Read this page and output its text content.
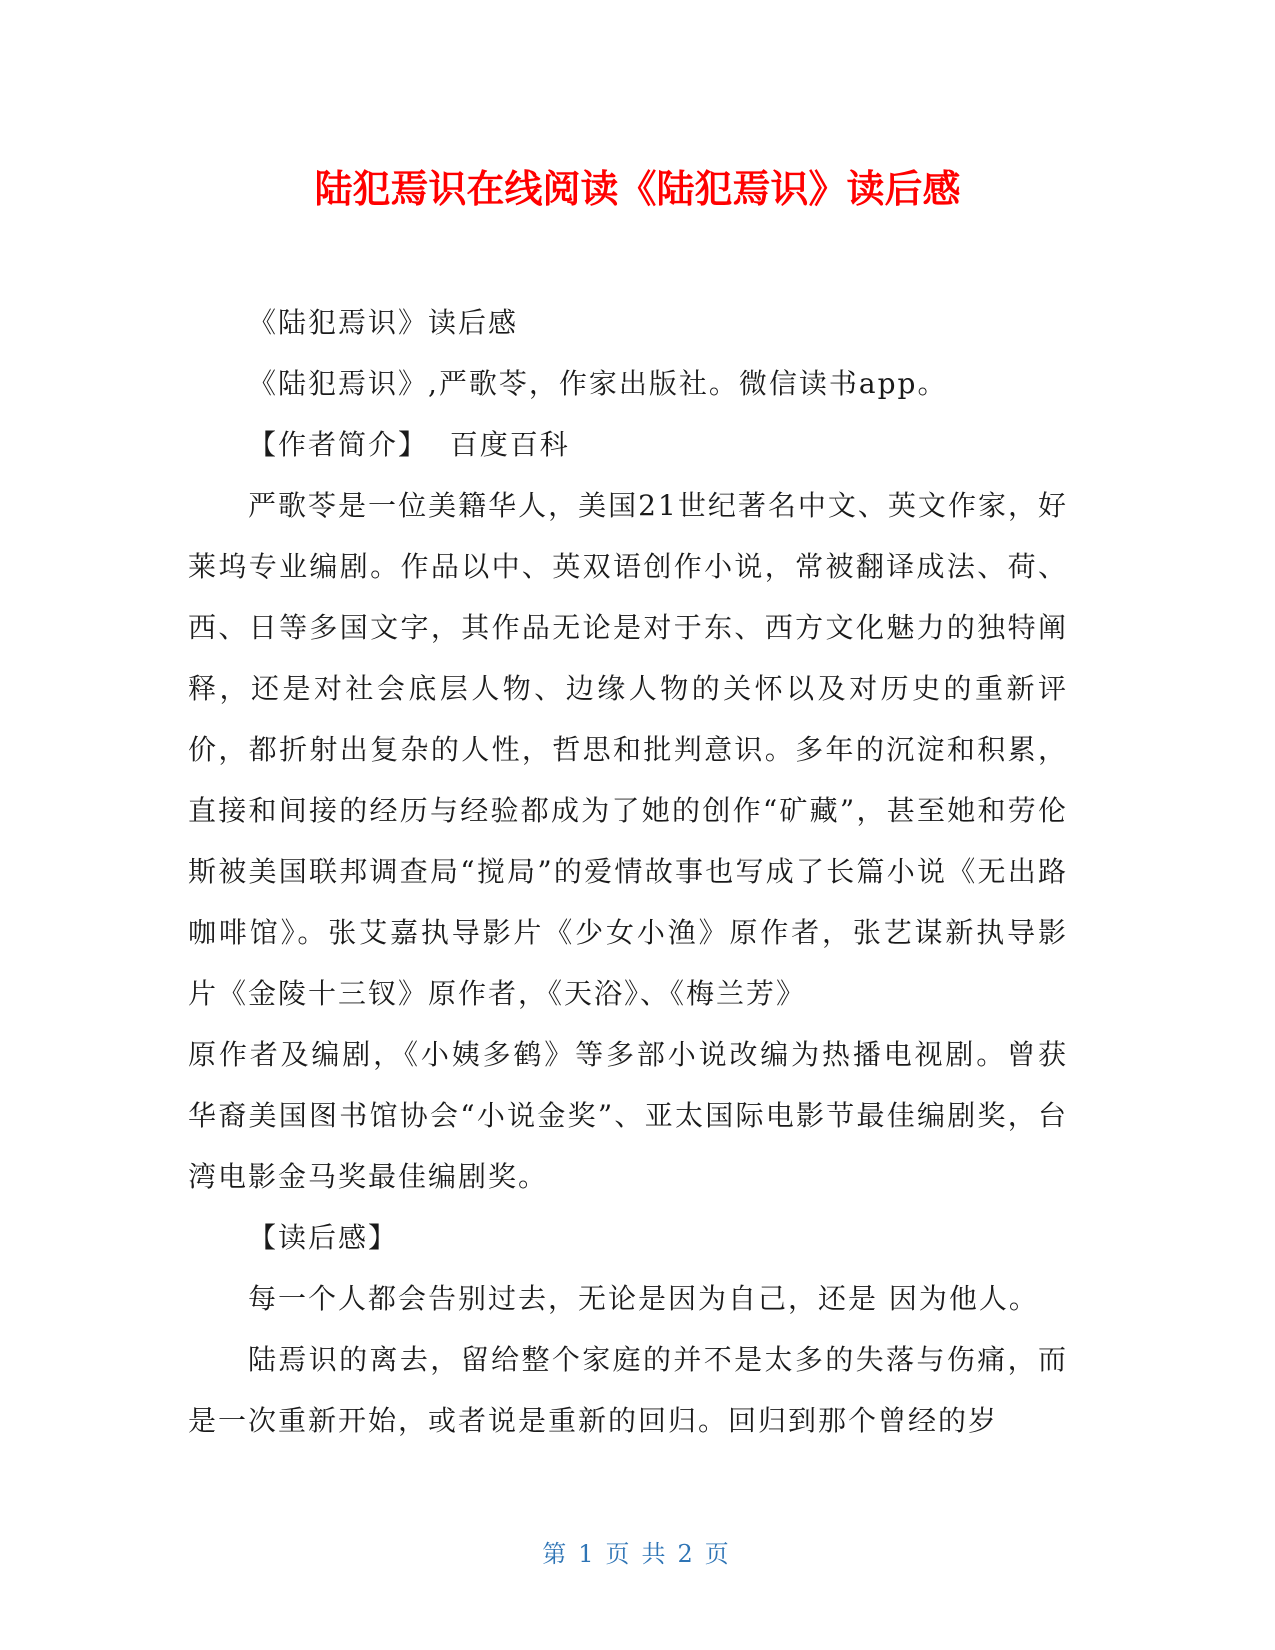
陆犯焉识在线阅读《陆犯焉识》读后感

《陆犯焉识》读后感

《陆犯焉识》,严歌苓，作家出版社。微信读书app。

【作者简介】  百度百科

严歌苓是一位美籍华人，美国21世纪著名中文、英文作家，好莱坞专业编剧。作品以中、英双语创作小说，常被翻译成法、荷、西、日等多国文字，其作品无论是对于东、西方文化魅力的独特阐释，还是对社会底层人物、边缘人物的关怀以及对历史的重新评价，都折射出复杂的人性，哲思和批判意识。多年的沉淀和积累，直接和间接的经历与经验都成为了她的创作“矿藏”，甚至她和劳伦斯被美国联邦调查局“搅局”的爱情故事也写成了长篇小说《无出路咖啡馆》。张艾嘉执导影片《少女小渔》原作者，张艺谋新执导影片《金陵十三钗》原作者，《天浴》、《梅兰芳》

原作者及编剧，《小姨多鹤》等多部小说改编为热播电视剧。曾获华裔美国图书馆协会“小说金奖”、亚太国际电影节最佳编剧奖，台湾电影金马奖最佳编剧奖。

【读后感】

每一个人都会告别过去，无论是因为自己，还是 因为他人。

陆焉识的离去，留给整个家庭的并不是太多的失落与伤痛，而是一次重新开始，或者说是重新的回归。回归到那个曾经的岁

第 1 页 共 2 页
